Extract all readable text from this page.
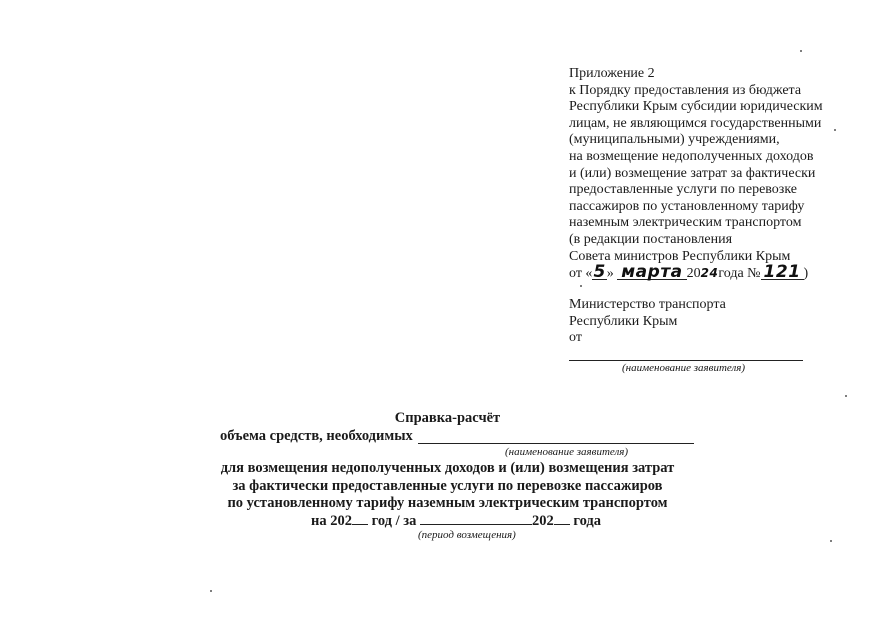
Приложение 2
к Порядку предоставления из бюджета
Республики Крым субсидии юридическим
лицам, не являющимся государственными
(муниципальными) учреждениями,
на возмещение недополученных доходов
и (или) возмещение затрат за фактически
предоставленные услуги по перевозке
пассажиров по установленному тарифу
наземным электрическим транспортом
(в редакции постановления
Совета министров Республики Крым
от «5» марта 2024года № 121 )
Министерство транспорта
Республики Крым
от
(наименование заявителя)
Справка-расчёт
объема средств, необходимых
(наименование заявителя)
для возмещения недополученных доходов и (или) возмещения затрат
за фактически предоставленные услуги по перевозке пассажиров
по установленному тарифу наземным электрическим транспортом
на 202 год / за	202 года
(период возмещения)
